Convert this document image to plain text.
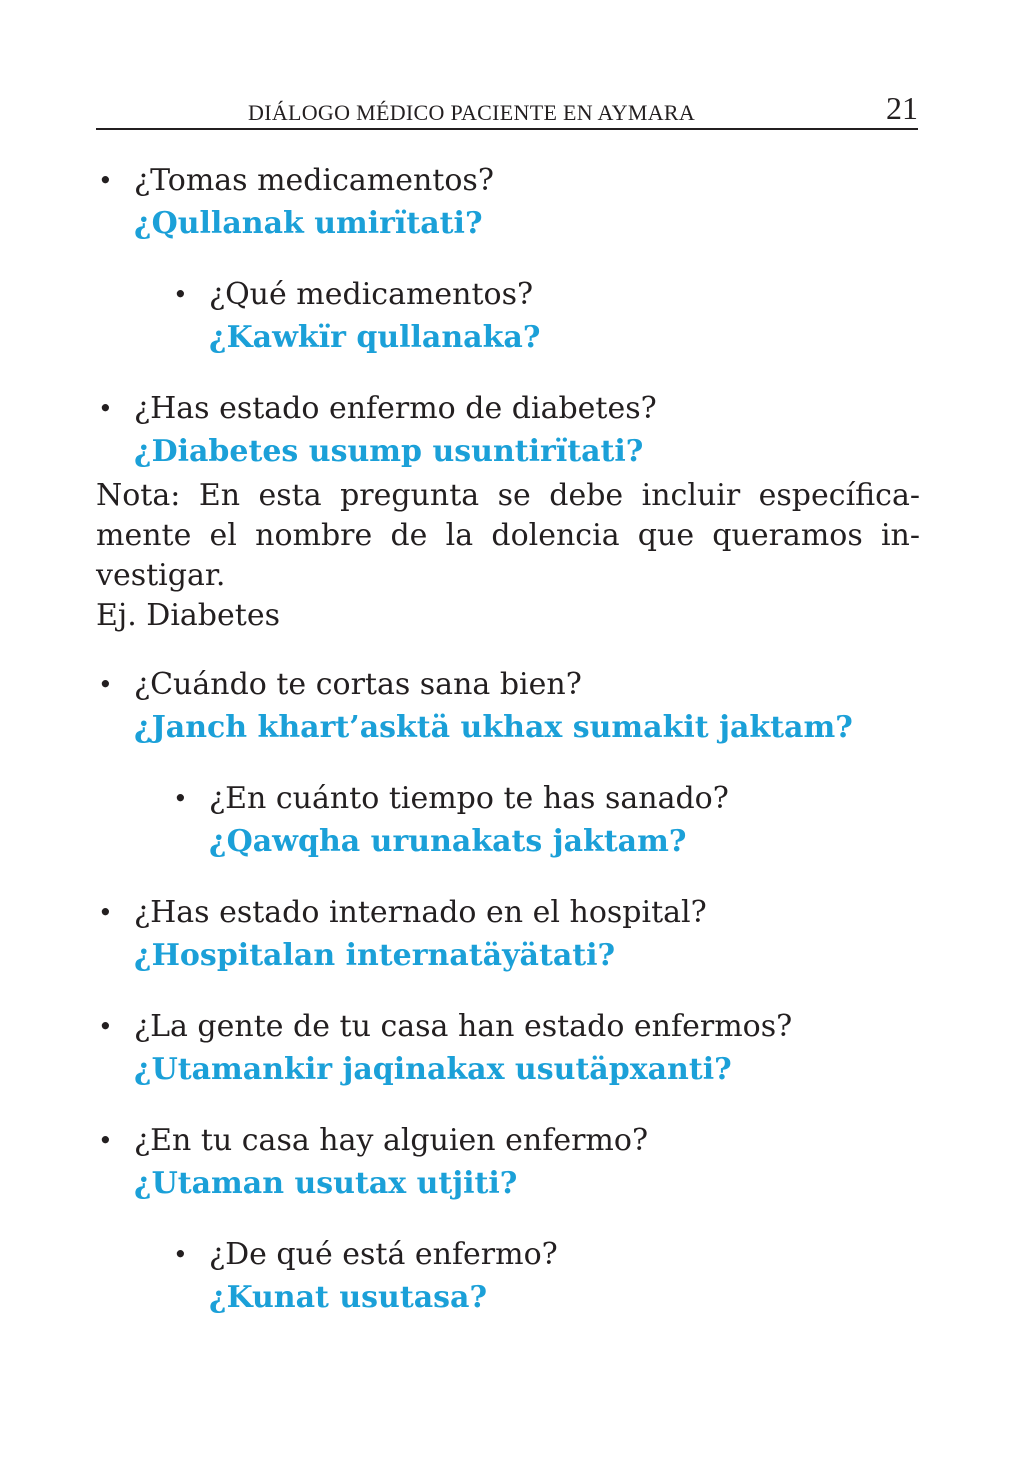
DIÁLOGO MÉDICO PACIENTE EN AYMARA	21
• ¿Tomas medicamentos?
¿Qullanak umirïtati?
• ¿Qué medicamentos?
¿Kawkïr qullanaka?
• ¿Has estado enfermo de diabetes?
¿Diabetes usump usuntirïtati?

Nota: En esta pregunta se debe incluir específica-mente el nombre de la dolencia que queramos in-vestigar.

Ej. Diabetes

• ¿Cuándo te cortas sana bien?
¿Janch khart’asktä ukhax sumakit jaktam?
• ¿En cuánto tiempo te has sanado?
¿Qawqha urunakats jaktam?
• ¿Has estado internado en el hospital?
¿Hospitalan internatäyätati?
• ¿La gente de tu casa han estado enfermos?
¿Utamankir jaqinakax usutäpxanti?
• ¿En tu casa hay alguien enfermo?
¿Utaman usutax utjiti?
• ¿De qué está enfermo?
¿Kunat usutasa?
